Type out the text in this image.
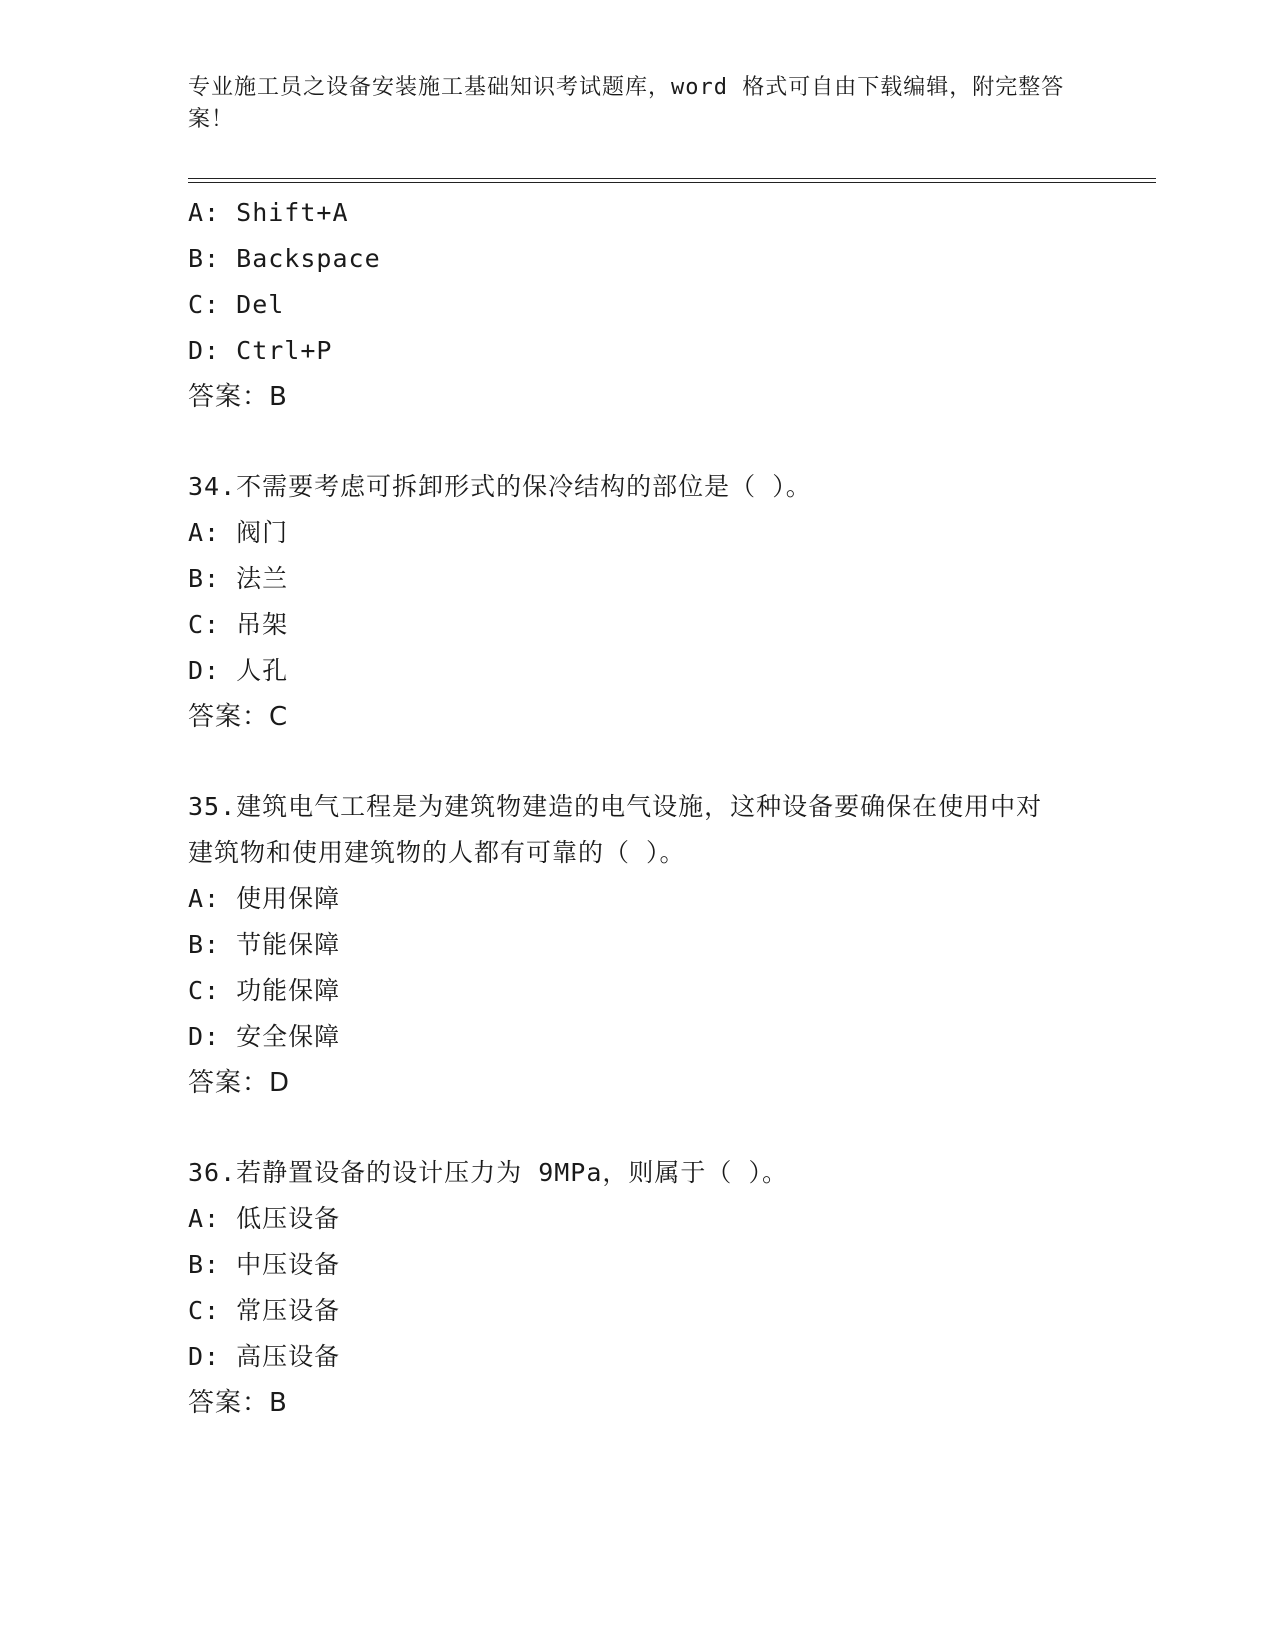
专业施工员之设备安装施工基础知识考试题库，word 格式可自由下载编辑，附完整答案！
A: Shift+A
B: Backspace
C: Del
D: Ctrl+P
答案：B
34.不需要考虑可拆卸形式的保冷结构的部位是（ ）。
A: 阀门
B: 法兰
C: 吊架
D: 人孔
答案：C
35.建筑电气工程是为建筑物建造的电气设施，这种设备要确保在使用中对建筑物和使用建筑物的人都有可靠的（ ）。
A: 使用保障
B: 节能保障
C: 功能保障
D: 安全保障
答案：D
36.若静置设备的设计压力为 9MPa，则属于（ ）。
A: 低压设备
B: 中压设备
C: 常压设备
D: 高压设备
答案：B
